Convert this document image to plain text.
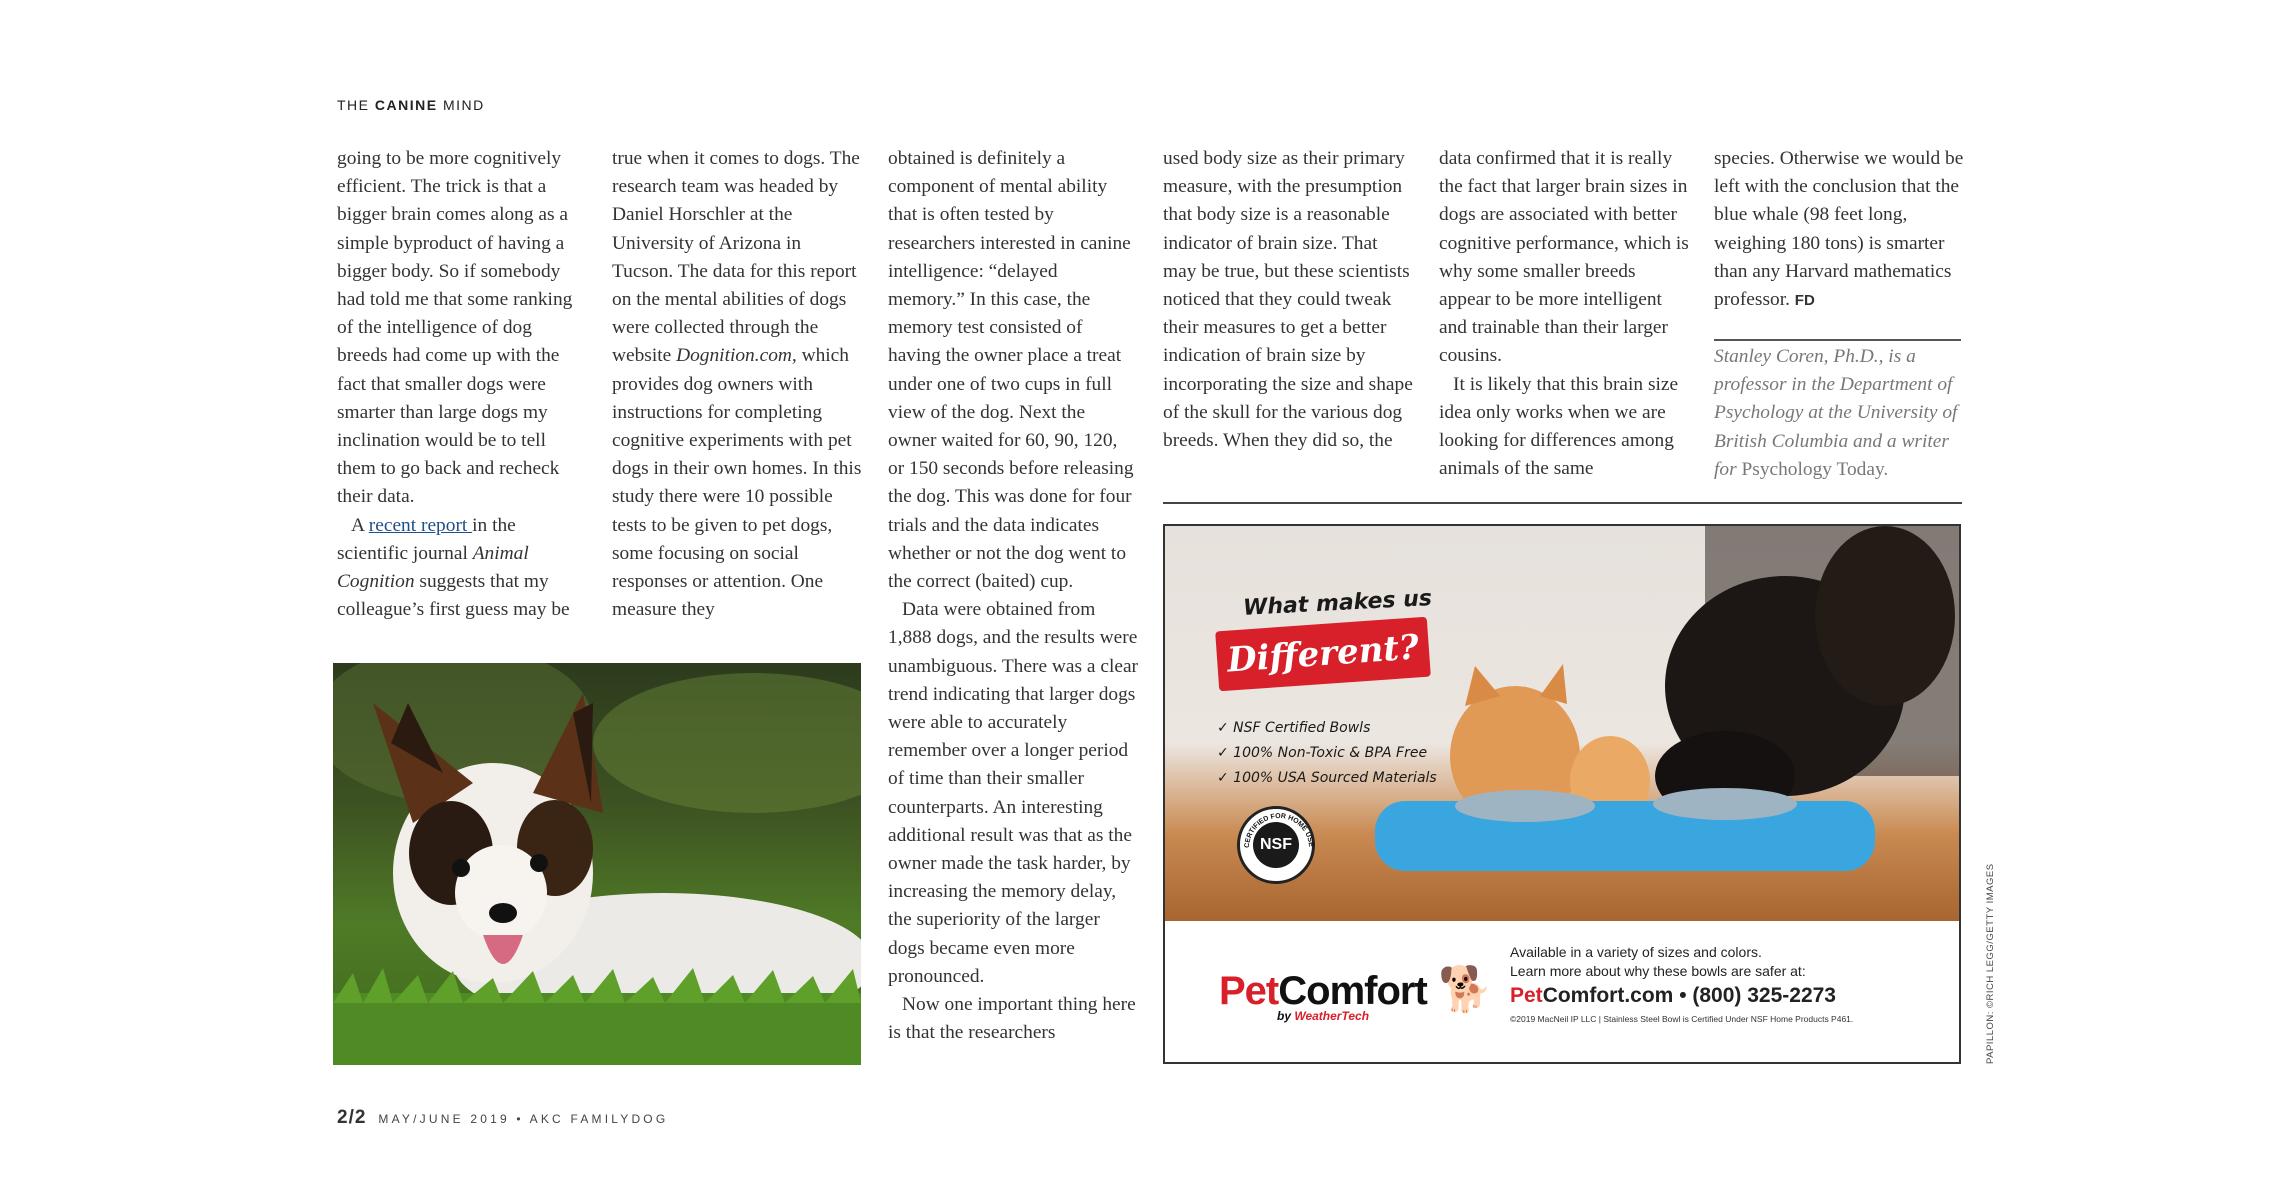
THE CANINE MIND

going to be more cognitively efficient. The trick is that a bigger brain comes along as a simple byproduct of having a bigger body. So if somebody had told me that some ranking of the intelligence of dog breeds had come up with the fact that smaller dogs were smarter than large dogs my inclination would be to tell them to go back and recheck their data.

A recent report in the scientific journal Animal Cognition suggests that my colleague’s first guess may be

true when it comes to dogs. The research team was headed by Daniel Horschler at the University of Arizona in Tucson. The data for this report on the mental abilities of dogs were collected through the website Dognition.com, which provides dog owners with instructions for completing cognitive experiments with pet dogs in their own homes. In this study there were 10 possible tests to be given to pet dogs, some focusing on social responses or attention. One measure they

obtained is definitely a component of mental ability that is often tested by researchers interested in canine intelligence: “delayed memory.” In this case, the memory test consisted of having the owner place a treat under one of two cups in full view of the dog. Next the owner waited for 60, 90, 120, or 150 seconds before releasing the dog. This was done for four trials and the data indicates whether or not the dog went to the correct (baited) cup.

Data were obtained from 1,888 dogs, and the results were unambiguous. There was a clear trend indicating that larger dogs were able to accurately remember over a longer period of time than their smaller counterparts. An interesting additional result was that as the owner made the task harder, by increasing the memory delay, the superiority of the larger dogs became even more pronounced.

Now one important thing here is that the researchers

used body size as their primary measure, with the presumption that body size is a reasonable indicator of brain size. That may be true, but these scientists noticed that they could tweak their measures to get a better indication of brain size by incorporating the size and shape of the skull for the various dog breeds. When they did so, the

data confirmed that it is really the fact that larger brain sizes in dogs are associated with better cognitive performance, which is why some smaller breeds appear to be more intelligent and trainable than their larger cousins.

It is likely that this brain size idea only works when we are looking for differences among animals of the same

species. Otherwise we would be left with the conclusion that the blue whale (98 feet long, weighing 180 tons) is smarter than any Harvard mathematics professor. FD

Stanley Coren, Ph.D., is a professor in the Department of Psychology at the University of British Columbia and a writer for Psychology Today.
What makes us
Different?
✓ NSF Certified Bowls
✓ 100% Non-Toxic & BPA Free
✓ 100% USA Sourced Materials
NSF
CERTIFIED FOR HOME USE
PetComfort 🐕
by WeatherTech
Available in a variety of sizes and colors.
Learn more about why these bowls are safer at:
PetComfort.com • (800) 325-2273
©2019 MacNeil IP LLC | Stainless Steel Bowl is Certified Under NSF Home Products P461.	PAPILLON: ©RICH LEGG/GETTY IMAGES
2/2 MAY/JUNE 2019 • AKC FAMILYDOG
